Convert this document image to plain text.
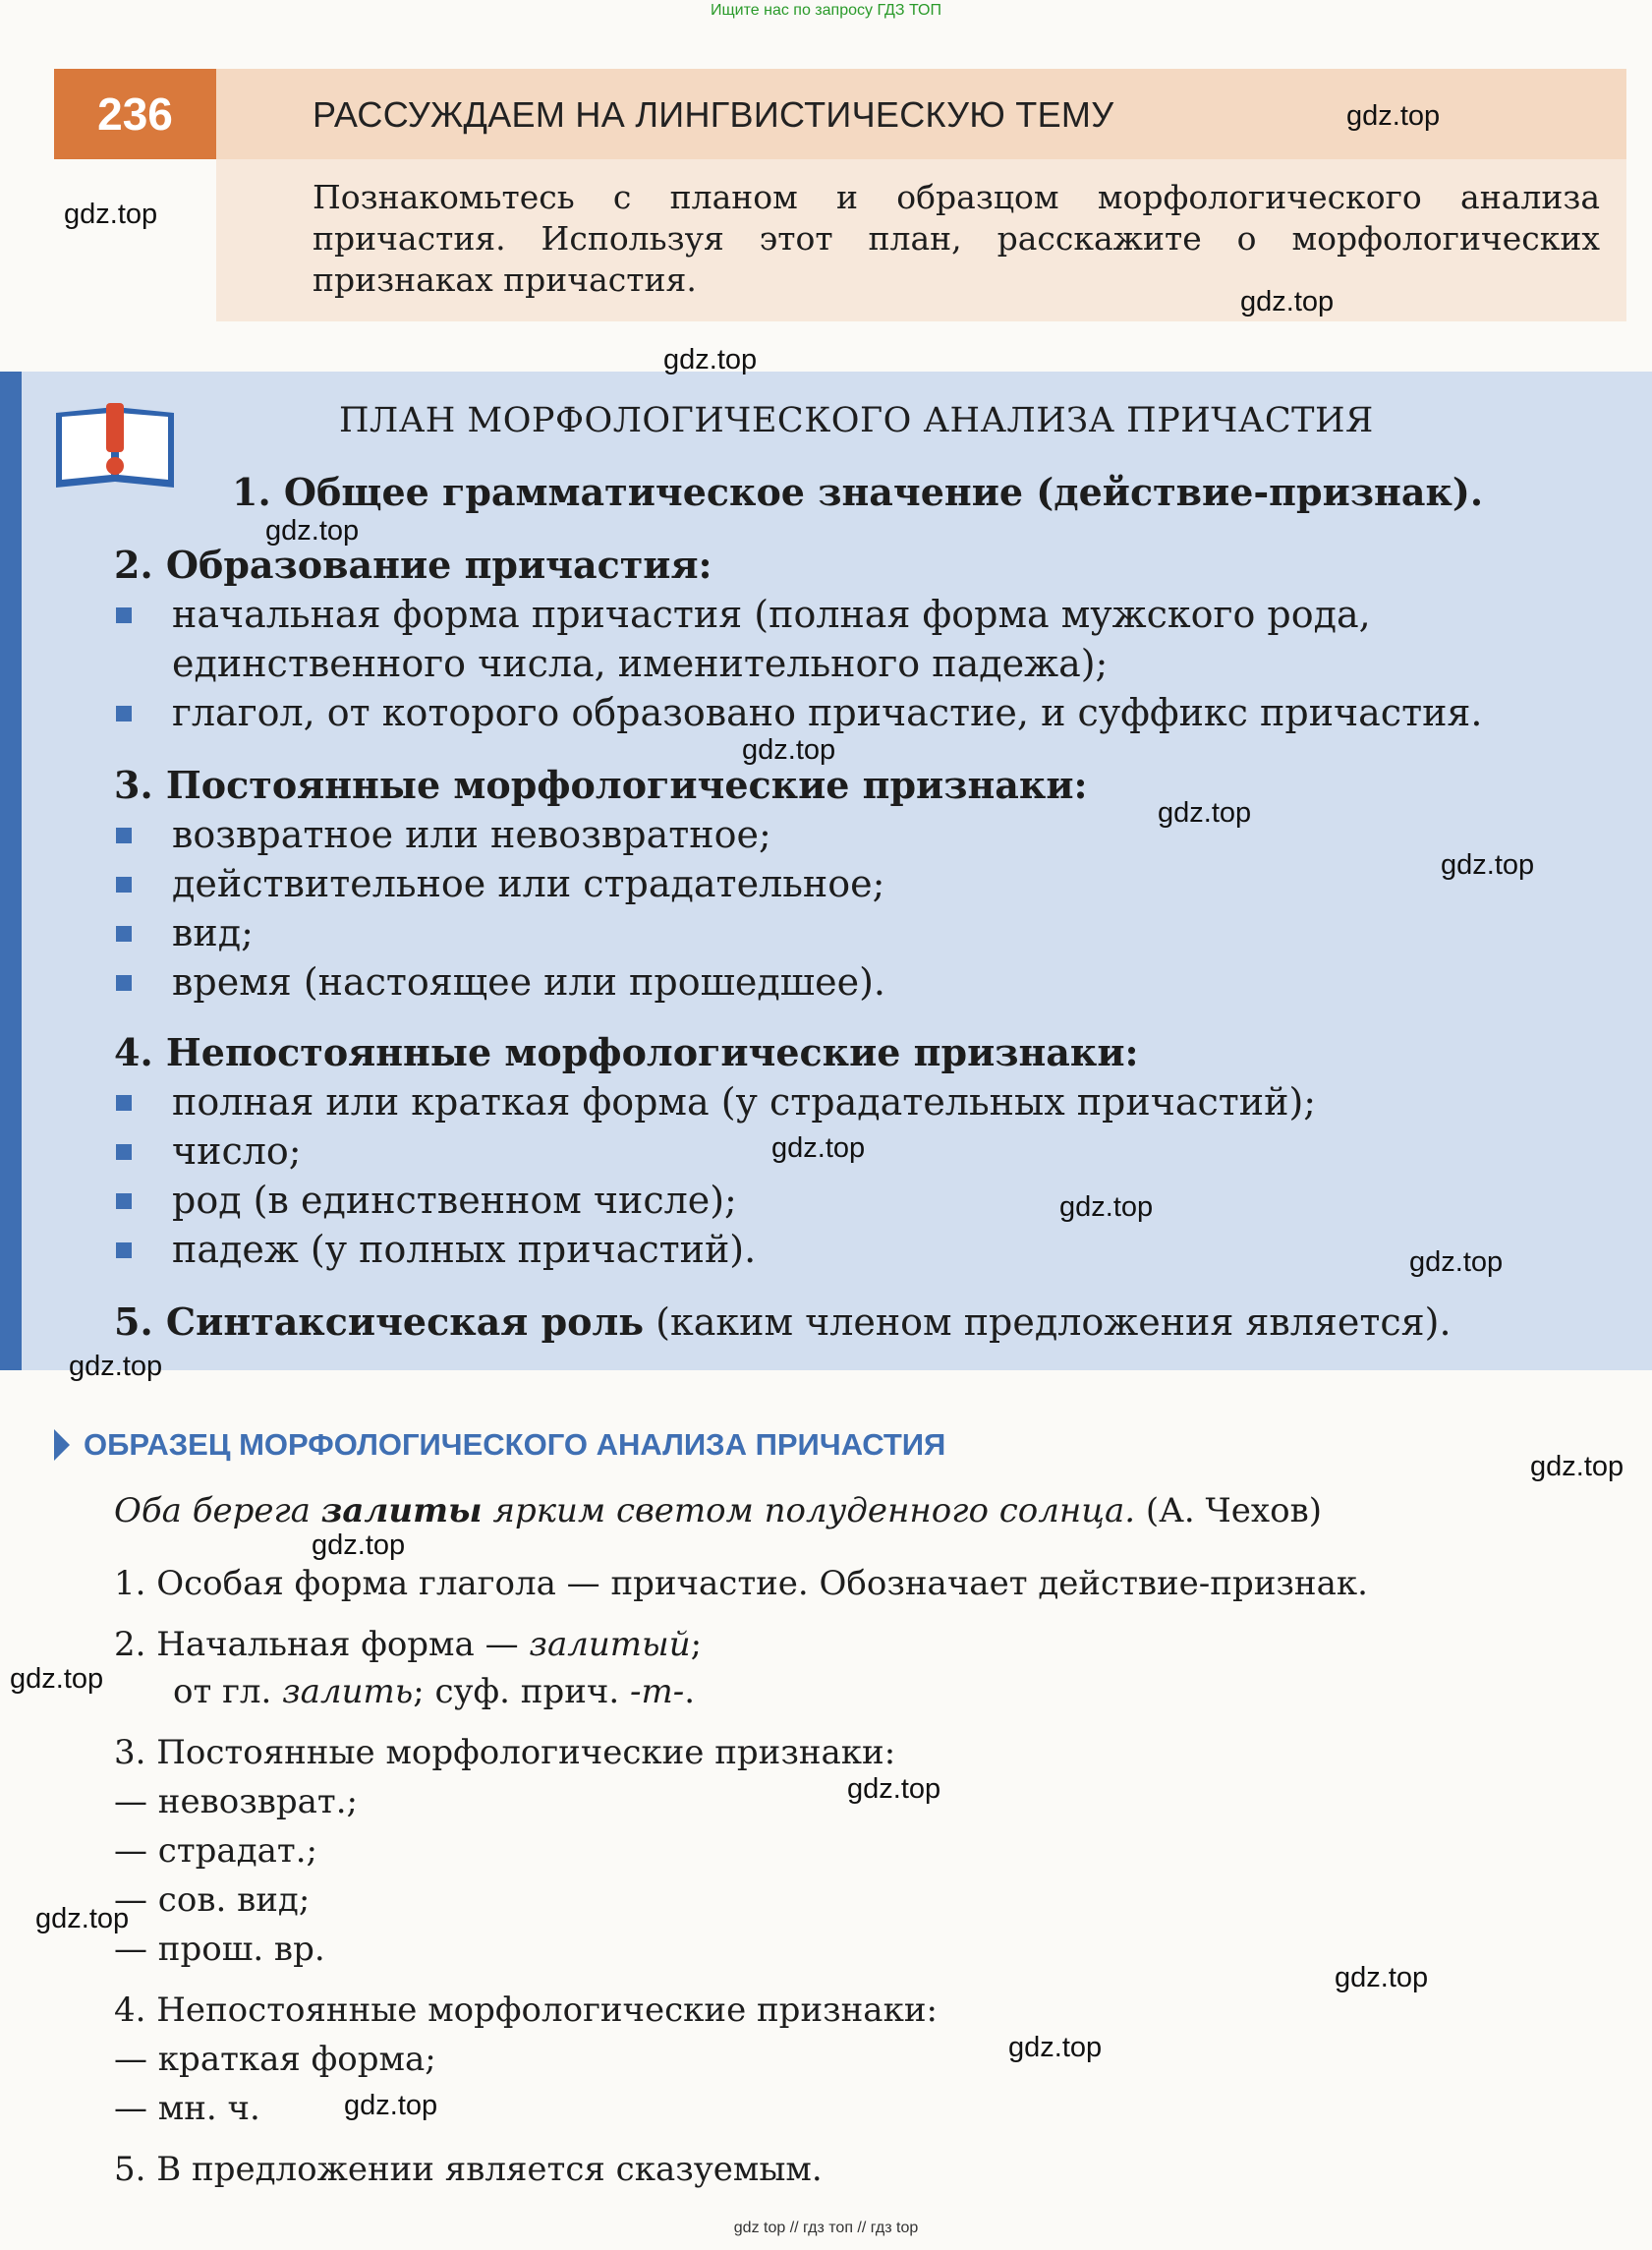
Ищите нас по запросу ГДЗ ТОП
236	РАССУЖДАЕМ НА ЛИНГВИСТИЧЕСКУЮ ТЕМУ
Познакомьтесь с планом и образцом морфологического анализа причастия. Используя этот план, расскажите о морфологических признаках причастия.
ПЛАН МОРФОЛОГИЧЕСКОГО АНАЛИЗА ПРИЧАСТИЯ
1. Общее грамматическое значение (действие-признак).
2. Образование причастия:
начальная форма причастия (полная форма мужского рода,
единственного числа, именительного падежа);
глагол, от которого образовано причастие, и суффикс причастия.
3. Постоянные морфологические признаки:
возвратное или невозвратное;
действительное или страдательное;
вид;
время (настоящее или прошедшее).
4. Непостоянные морфологические признаки:
полная или краткая форма (у страдательных причастий);
число;
род (в единственном числе);
падеж (у полных причастий).
5. Синтаксическая роль (каким членом предложения является).
ОБРАЗЕЦ МОРФОЛОГИЧЕСКОГО АНАЛИЗА ПРИЧАСТИЯ
Оба берега залиты ярким светом полуденного солнца. (А. Чехов)
1. Особая форма глагола — причастие. Обозначает действие-признак.
2. Начальная форма — залитый;
от гл. залить; суф. прич. -т-.
3. Постоянные морфологические признаки:
— невозврат.;
— страдат.;
— сов. вид;
— прош. вр.
4. Непостоянные морфологические признаки:
— краткая форма;
— мн. ч.
5. В предложении является сказуемым.
gdz.top
gdz.top
gdz.top
gdz.top
gdz.top
gdz.top
gdz.top
gdz.top
gdz.top
gdz.top
gdz.top
gdz.top
gdz.top
gdz.top
gdz.top
gdz.top
gdz.top
gdz.top
gdz.top
gdz.top
gdz top // гдз топ // гдз top
